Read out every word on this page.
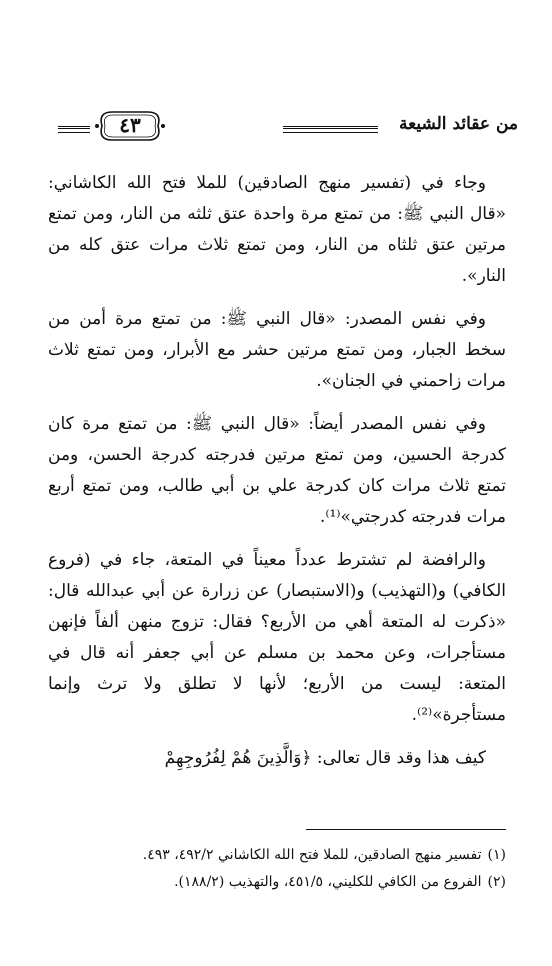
من عقائد الشيعة
٤٣

وجاء في (تفسير منهج الصادقين) للملا فتح الله الكاشاني: «قال النبي ﷺ: من تمتع مرة واحدة عتق ثلثه من النار، ومن تمتع مرتين عتق ثلثاه من النار، ومن تمتع ثلاث مرات عتق كله من النار».

وفي نفس المصدر: «قال النبي ﷺ: من تمتع مرة أمن من سخط الجبار، ومن تمتع مرتين حشر مع الأبرار، ومن تمتع ثلاث مرات زاحمني في الجنان».

وفي نفس المصدر أيضاً: «قال النبي ﷺ: من تمتع مرة كان كدرجة الحسين، ومن تمتع مرتين فدرجته كدرجة الحسن، ومن تمتع ثلاث مرات كان كدرجة علي بن أبي طالب، ومن تمتع أربع مرات فدرجته كدرجتي»⁽¹⁾.

والرافضة لم تشترط عدداً معيناً في المتعة، جاء في (فروع الكافي) و(التهذيب) و(الاستبصار) عن زرارة عن أبي عبدالله قال: «ذكرت له المتعة أهي من الأربع؟ فقال: تزوج منهن ألفاً فإنهن مستأجرات، وعن محمد بن مسلم عن أبي جعفر أنه قال في المتعة: ليست من الأربع؛ لأنها لا تطلق ولا ترث وإنما مستأجرة»⁽²⁾.

كيف هذا وقد قال تعالى: ﴿وَالَّذِينَ هُمْ لِفُرُوجِهِمْ

(١)تفسير منهج الصادقين، للملا فتح الله الكاشاني ٤٩٢/٢، ٤٩٣.

(٢)الفروع من الكافي للكليني، ٤٥١/٥، والتهذيب (١٨٨/٢).
